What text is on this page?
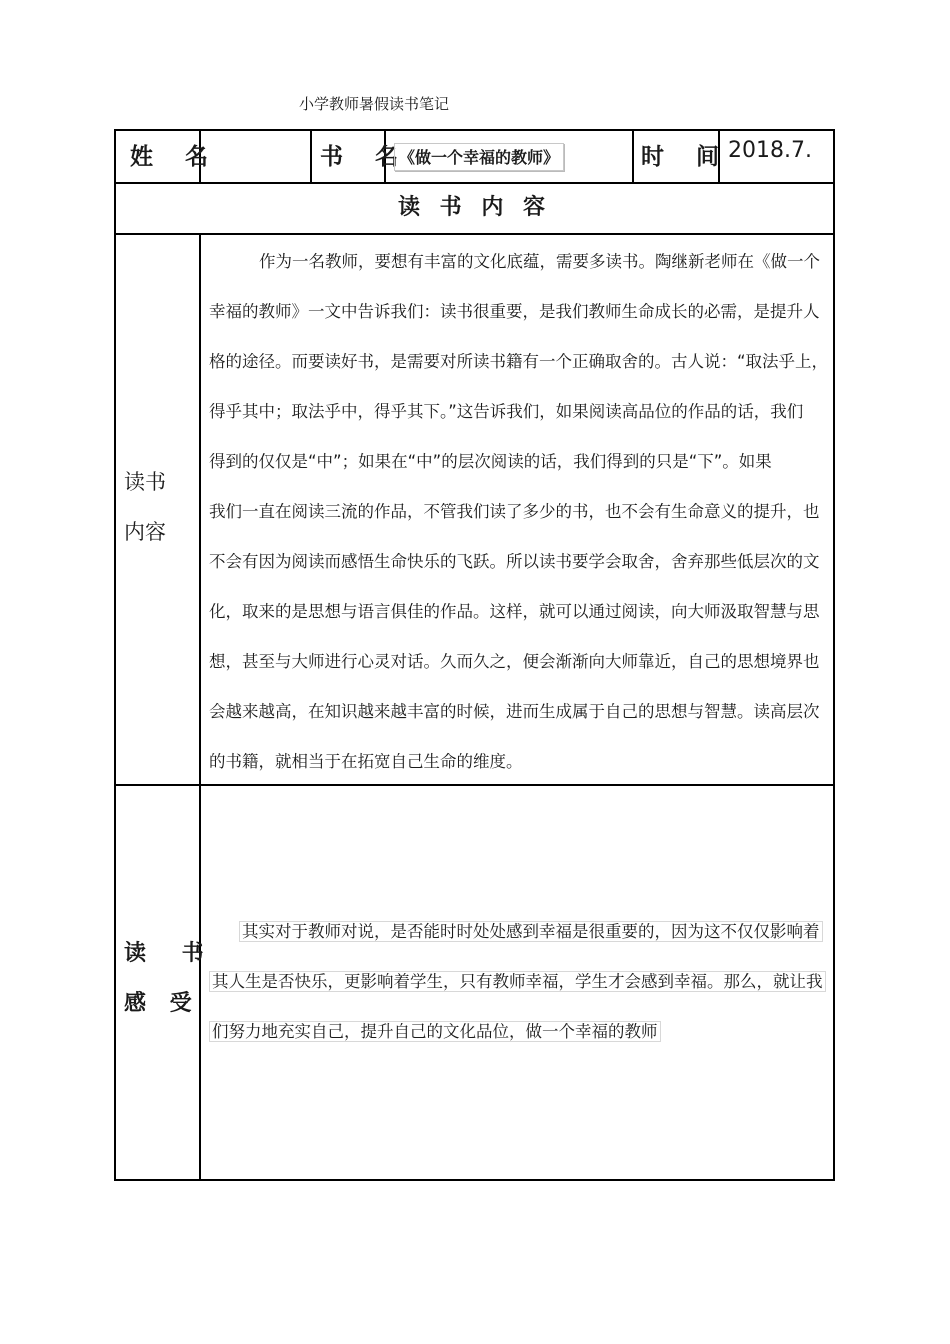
小学教师暑假读书笔记
姓 名	书 名
《做一个幸福的教师》	时 间
2018.7.
读 书 内 容
读书
内容
作为一名教师，要想有丰富的文化底蕴，需要多读书。陶继新老师在《做一个
幸福的教师》一文中告诉我们：读书很重要，是我们教师生命成长的必需，是提升人
格的途径。而要读好书，是需要对所读书籍有一个正确取舍的。古人说：“取法乎上，
得乎其中；取法乎中，得乎其下。”这告诉我们，如果阅读高品位的作品的话，我们
得到的仅仅是“中”；如果在“中”的层次阅读的话，我们得到的只是“下”。如果
我们一直在阅读三流的作品，不管我们读了多少的书，也不会有生命意义的提升，也
不会有因为阅读而感悟生命快乐的飞跃。所以读书要学会取舍，舍弃那些低层次的文
化，取来的是思想与语言俱佳的作品。这样，就可以通过阅读，向大师汲取智慧与思
想，甚至与大师进行心灵对话。久而久之，便会渐渐向大师靠近，自己的思想境界也
会越来越高，在知识越来越丰富的时候，进而生成属于自己的思想与智慧。读高层次
的书籍，就相当于在拓宽自己生命的维度。
读 书
感 受
其实对于教师对说，是否能时时处处感到幸福是很重要的，因为这不仅仅影响着
其人生是否快乐，更影响着学生，只有教师幸福，学生才会感到幸福。那么，就让我
们努力地充实自己，提升自己的文化品位，做一个幸福的教师
